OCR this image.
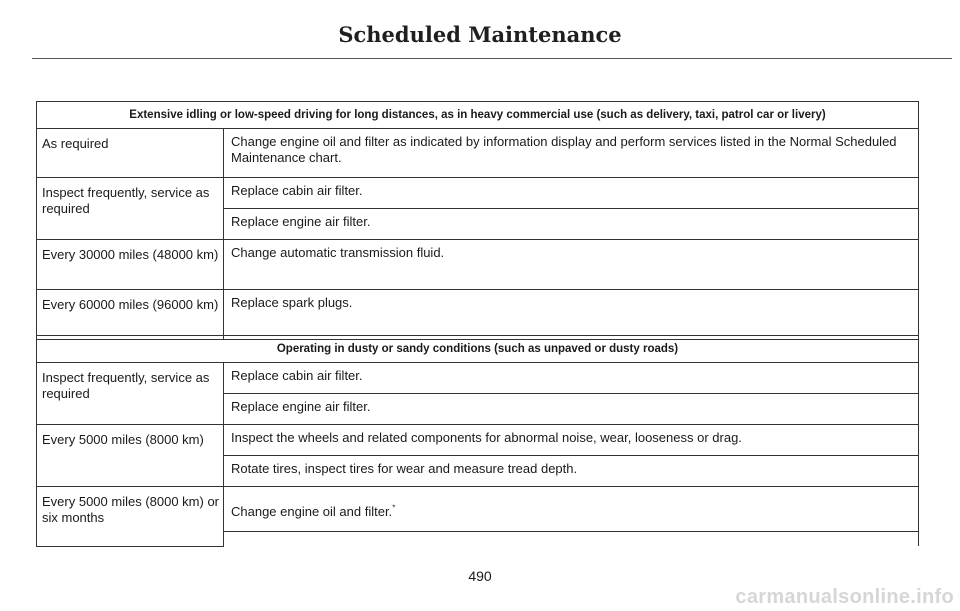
Scheduled Maintenance
Extensive idling or low-speed driving for long distances, as in heavy commercial use (such as delivery, taxi, patrol car or livery)	
As required	Change engine oil and filter as indicated by information display and perform services listed in the Normal Scheduled Maintenance chart.
Inspect frequently, service as required	Replace cabin air filter.
	Replace engine air filter.
Every 30000 miles (48000 km)	Change automatic transmission fluid.
Every 60000 miles (96000 km)	Replace spark plugs.
Operating in dusty or sandy conditions (such as unpaved or dusty roads)	
Inspect frequently, service as required	Replace cabin air filter.
	Replace engine air filter.
Every 5000 miles (8000 km)	Inspect the wheels and related components for abnormal noise, wear, looseness or drag.
	Rotate tires, inspect tires for wear and measure tread depth.
Every 5000 miles (8000 km) or six months	Change engine oil and filter.*

490
carmanualsonline.info
